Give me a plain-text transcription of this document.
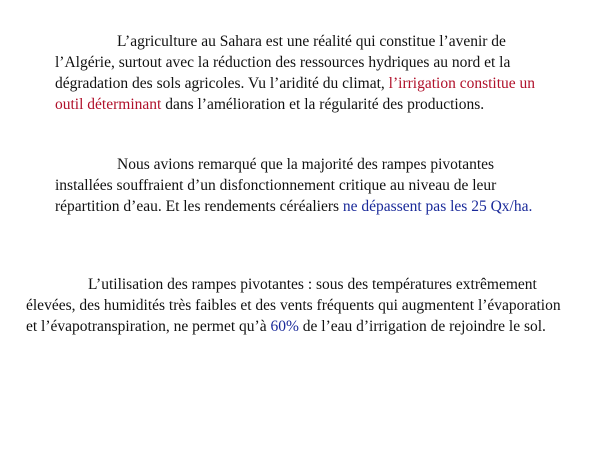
L’agriculture au Sahara est une réalité qui constitue l’avenir de l’Algérie, surtout avec la réduction des ressources hydriques au nord et la dégradation des sols agricoles. Vu l’aridité du climat, l’irrigation constitue un outil déterminant dans l’amélioration et la régularité des productions.

Nous avions remarqué que la majorité des rampes pivotantes installées souffraient d’un disfonctionnement critique au niveau de leur répartition d’eau. Et les rendements céréaliers ne dépassent pas les 25 Qx/ha.

L’utilisation des rampes pivotantes : sous des températures extrêmement élevées, des humidités très faibles et des vents fréquents qui augmentent l’évaporation et l’évapotranspiration, ne permet qu’à 60% de l’eau d’irrigation de rejoindre le sol.
